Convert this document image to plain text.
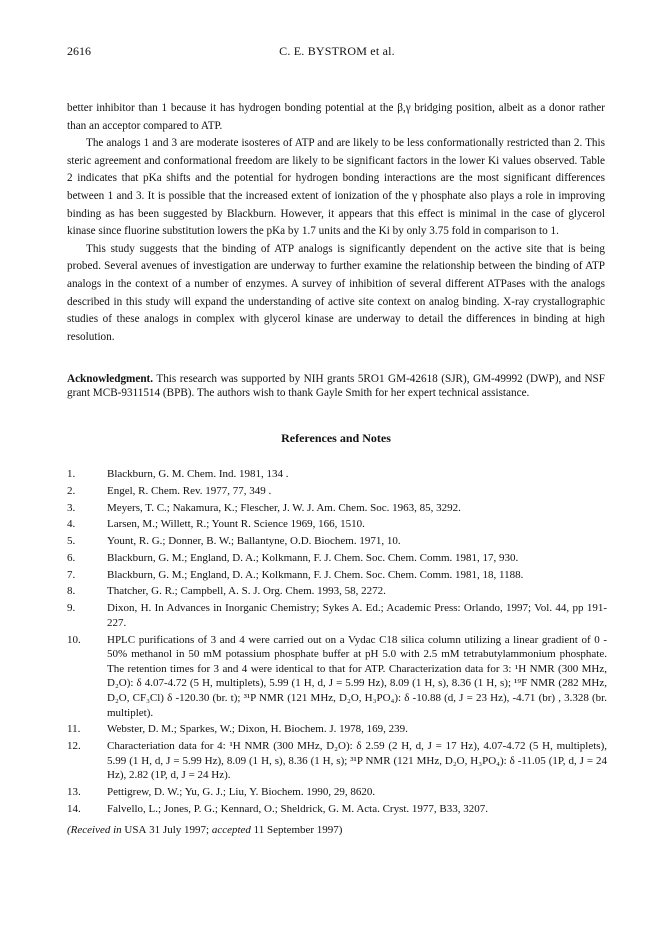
2616	C. E. BYSTROM et al.

better inhibitor than 1 because it has hydrogen bonding potential at the β,γ bridging position, albeit as a donor rather than an acceptor compared to ATP.

The analogs 1 and 3 are moderate isosteres of ATP and are likely to be less conformationally restricted than 2. This steric agreement and conformational freedom are likely to be significant factors in the lower Ki values observed. Table 2 indicates that pKa shifts and the potential for hydrogen bonding interactions are the most significant differences between 1 and 3. It is possible that the increased extent of ionization of the γ phosphate also plays a role in improving binding as has been suggested by Blackburn. However, it appears that this effect is minimal in the case of glycerol kinase since fluorine substitution lowers the pKa by 1.7 units and the Ki by only 3.75 fold in comparison to 1.

This study suggests that the binding of ATP analogs is significantly dependent on the active site that is being probed. Several avenues of investigation are underway to further examine the relationship between the binding of ATP analogs in the context of a number of enzymes. A survey of inhibition of several different ATPases with the analogs described in this study will expand the understanding of active site context on analog binding. X-ray crystallographic studies of these analogs in complex with glycerol kinase are underway to detail the differences in binding at high resolution.

Acknowledgment. This research was supported by NIH grants 5RO1 GM-42618 (SJR), GM-49992 (DWP), and NSF grant MCB-9311514 (BPB). The authors wish to thank Gayle Smith for her expert technical assistance.
References and Notes
1.	Blackburn, G. M. Chem. Ind. 1981, 134 .
2.	Engel, R. Chem. Rev. 1977, 77, 349 .
3.	Meyers, T. C.; Nakamura, K.; Flescher, J. W. J. Am. Chem. Soc. 1963, 85, 3292.
4.	Larsen, M.; Willett, R.; Yount R. Science 1969, 166, 1510.
5.	Yount, R. G.; Donner, B. W.; Ballantyne, O.D. Biochem. 1971, 10.
6.	Blackburn, G. M.; England, D. A.; Kolkmann, F. J. Chem. Soc. Chem. Comm. 1981, 17, 930.
7.	Blackburn, G. M.; England, D. A.; Kolkmann, F. J. Chem. Soc. Chem. Comm. 1981, 18, 1188.
8.	Thatcher, G. R.; Campbell, A. S. J. Org. Chem. 1993, 58, 2272.
9.	Dixon, H. In Advances in Inorganic Chemistry; Sykes A. Ed.; Academic Press: Orlando, 1997; Vol. 44, pp 191-227.
10. HPLC purifications of 3 and 4 were carried out on a Vydac C18 silica column utilizing a linear gradient of 0 - 50% methanol in 50 mM potassium phosphate buffer at pH 5.0 with 2.5 mM tetrabutylammonium phosphate. The retention times for 3 and 4 were identical to that for ATP. Characterization data for 3: ¹H NMR (300 MHz, D₂O): δ 4.07-4.72 (5 H, multiplets), 5.99 (1 H, d, J = 5.99 Hz), 8.09 (1 H, s), 8.36 (1 H, s); ¹⁹F NMR (282 MHz, D₂O, CF₃Cl) δ -120.30 (br. t); ³¹P NMR (121 MHz, D₂O, H₃PO₄): δ -10.88 (d, J = 23 Hz), -4.71 (br) , 3.328 (br. multiplet).
11. Webster, D. M.; Sparkes, W.; Dixon, H. Biochem. J. 1978, 169, 239.
12. Characteriation data for 4: ¹H NMR (300 MHz, D₂O): δ 2.59 (2 H, d, J = 17 Hz), 4.07-4.72 (5 H, multiplets), 5.99 (1 H, d, J = 5.99 Hz), 8.09 (1 H, s), 8.36 (1 H, s); ³¹P NMR (121 MHz, D₂O, H₃PO₄): δ -11.05 (1P, d, J = 24 Hz), 2.82 (1P, d, J = 24 Hz).
13. Pettigrew, D. W.; Yu, G. J.; Liu, Y. Biochem. 1990, 29, 8620.
14. Falvello, L.; Jones, P. G.; Kennard, O.; Sheldrick, G. M. Acta. Cryst. 1977, B33, 3207.
(Received in USA 31 July 1997; accepted 11 September 1997)
